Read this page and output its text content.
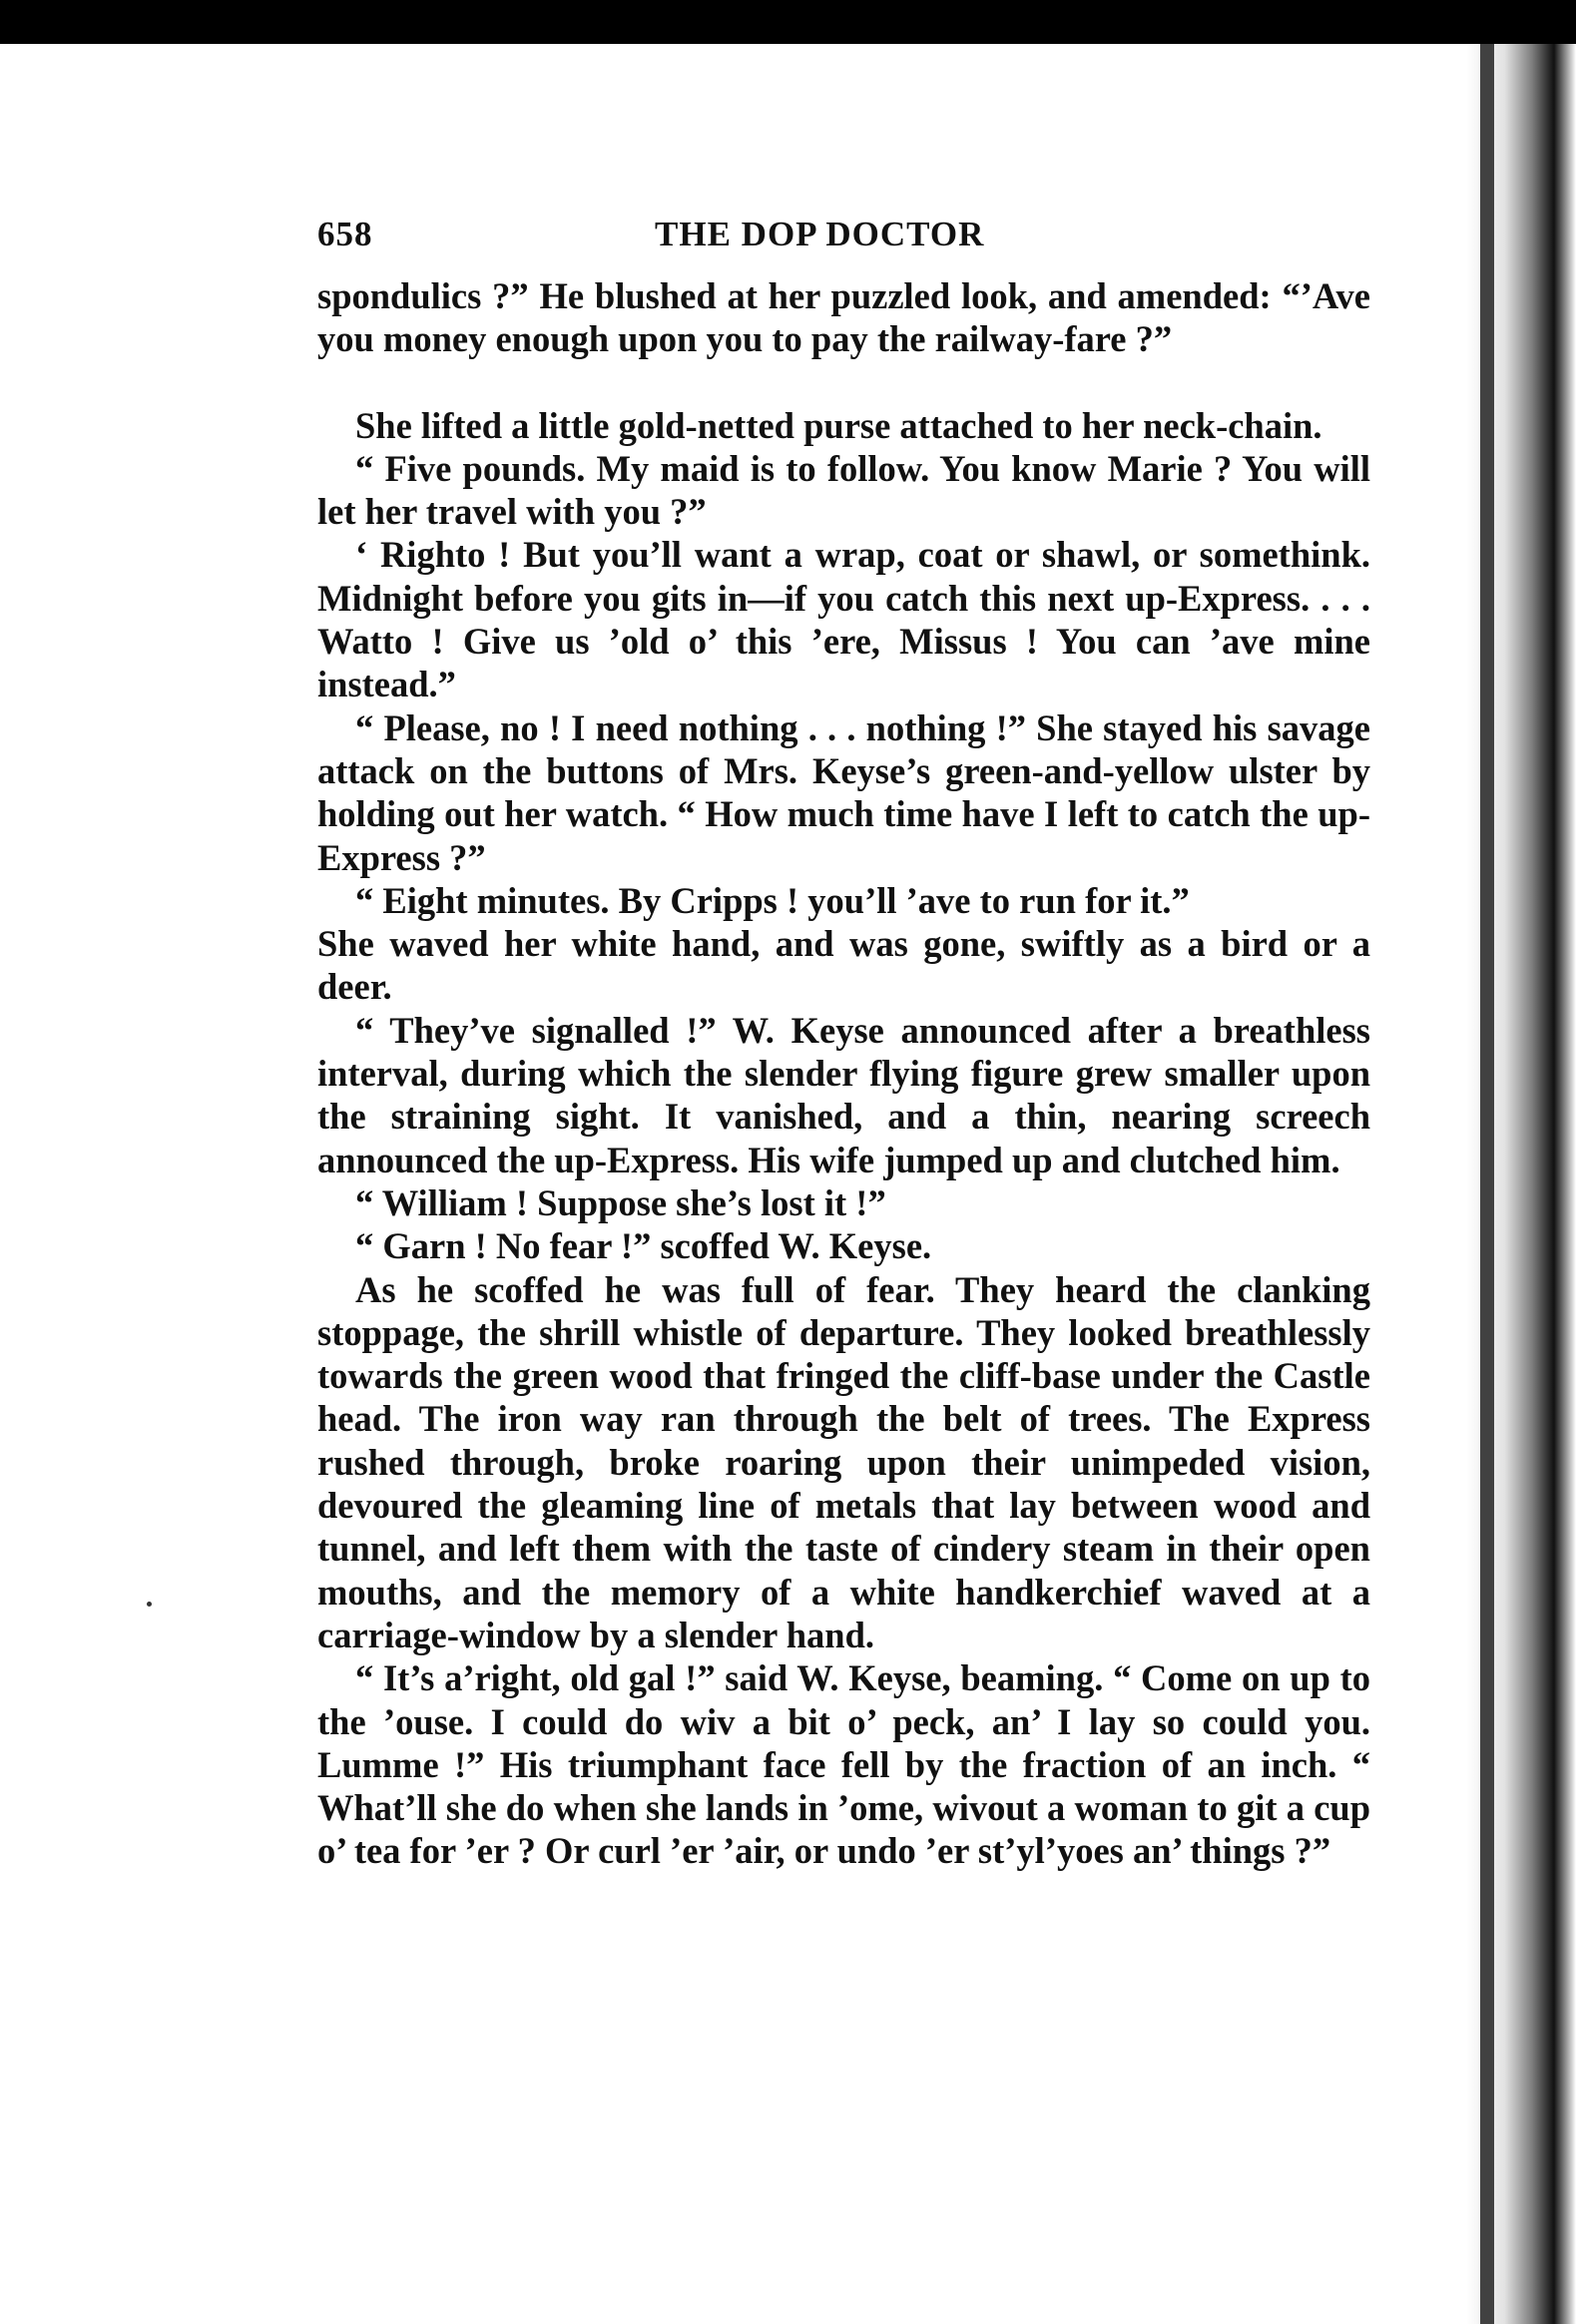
658	THE DOP DOCTOR

spondulics ?” He blushed at her puzzled look, and amended: “’Ave you money enough upon you to pay the railway-fare ?”

She lifted a little gold-netted purse attached to her neck-chain.

“ Five pounds. My maid is to follow. You know Marie ? You will let her travel with you ?”

‘ Righto ! But you’ll want a wrap, coat or shawl, or somethink. Midnight before you gits in—if you catch this next up-Express. . . . Watto ! Give us ’old o’ this ’ere, Missus ! You can ’ave mine instead.”

“ Please, no ! I need nothing . . . nothing !” She stayed his savage attack on the buttons of Mrs. Keyse’s green-and-yellow ulster by holding out her watch. “ How much time have I left to catch the up-Express ?”

“ Eight minutes. By Cripps ! you’ll ’ave to run for it.”

She waved her white hand, and was gone, swiftly as a bird or a deer.

“ They’ve signalled !” W. Keyse announced after a breathless interval, during which the slender flying figure grew smaller upon the straining sight. It vanished, and a thin, nearing screech announced the up-Express. His wife jumped up and clutched him.

“ William ! Suppose she’s lost it !”

“ Garn ! No fear !” scoffed W. Keyse.

As he scoffed he was full of fear. They heard the clanking stoppage, the shrill whistle of departure. They looked breathlessly towards the green wood that fringed the cliff-base under the Castle head. The iron way ran through the belt of trees. The Express rushed through, broke roaring upon their unimpeded vision, devoured the gleaming line of metals that lay between wood and tunnel, and left them with the taste of cindery steam in their open mouths, and the memory of a white handkerchief waved at a carriage-window by a slender hand.

“ It’s a’right, old gal !” said W. Keyse, beaming. “ Come on up to the ’ouse. I could do wiv a bit o’ peck, an’ I lay so could you. Lumme !” His triumphant face fell by the fraction of an inch. “ What’ll she do when she lands in ’ome, wivout a woman to git a cup o’ tea for ’er ? Or curl ’er ’air, or undo ’er st’yl’yoes an’ things ?”
